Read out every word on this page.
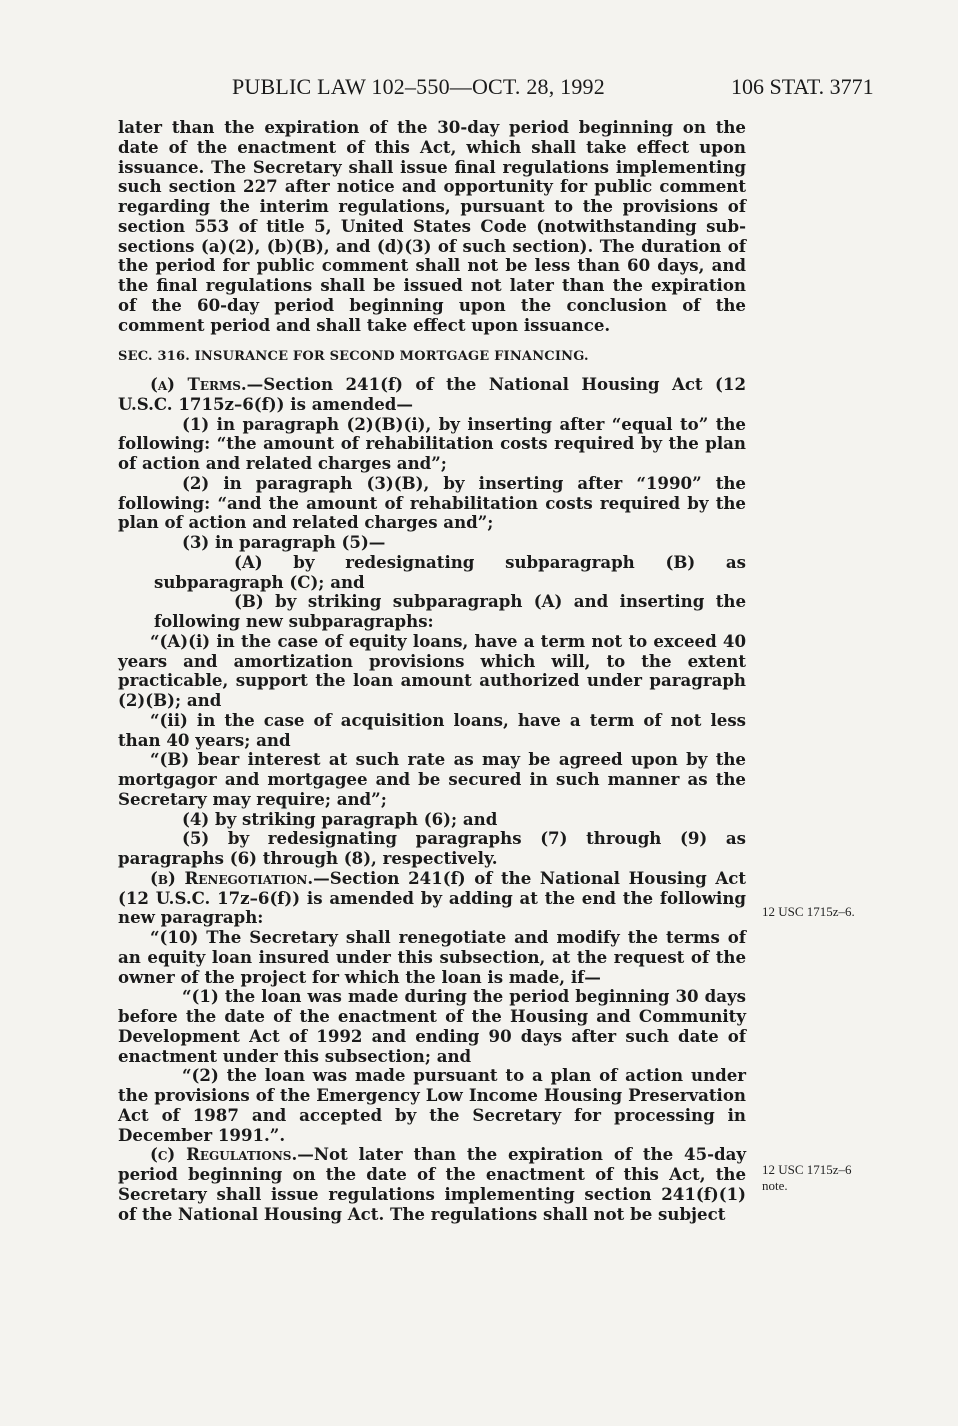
PUBLIC LAW 102–550—OCT. 28, 1992	106 STAT. 3771

later than the expiration of the 30-day period beginning on the date of the enactment of this Act, which shall take effect upon issuance. The Secretary shall issue final regulations implementing such section 227 after notice and opportunity for public comment regarding the interim regulations, pursuant to the provisions of section 553 of title 5, United States Code (notwithstanding sub-sections (a)(2), (b)(B), and (d)(3) of such section). The duration of the period for public comment shall not be less than 60 days, and the final regulations shall be issued not later than the expiration of the 60-day period beginning upon the conclusion of the comment period and shall take effect upon issuance.

SEC. 316. INSURANCE FOR SECOND MORTGAGE FINANCING.

(a) Terms.—Section 241(f) of the National Housing Act (12 U.S.C. 1715z–6(f)) is amended—

(1) in paragraph (2)(B)(i), by inserting after “equal to” the following: “the amount of rehabilitation costs required by the plan of action and related charges and”;

(2) in paragraph (3)(B), by inserting after “1990” the following: “and the amount of rehabilitation costs required by the plan of action and related charges and”;

(3) in paragraph (5)—

(A) by redesignating subparagraph (B) as subparagraph (C); and

(B) by striking subparagraph (A) and inserting the following new subparagraphs:

“(A)(i) in the case of equity loans, have a term not to exceed 40 years and amortization provisions which will, to the extent practicable, support the loan amount authorized under paragraph (2)(B); and

“(ii) in the case of acquisition loans, have a term of not less than 40 years; and

“(B) bear interest at such rate as may be agreed upon by the mortgagor and mortgagee and be secured in such manner as the Secretary may require; and”;

(4) by striking paragraph (6); and

(5) by redesignating paragraphs (7) through (9) as paragraphs (6) through (8), respectively.

(b) Renegotiation.—Section 241(f) of the National Housing Act (12 U.S.C. 17z–6(f)) is amended by adding at the end the following new paragraph:

“(10) The Secretary shall renegotiate and modify the terms of an equity loan insured under this subsection, at the request of the owner of the project for which the loan is made, if—

“(1) the loan was made during the period beginning 30 days before the date of the enactment of the Housing and Community Development Act of 1992 and ending 90 days after such date of enactment under this subsection; and

“(2) the loan was made pursuant to a plan of action under the provisions of the Emergency Low Income Housing Preservation Act of 1987 and accepted by the Secretary for processing in December 1991.”.

(c) Regulations.—Not later than the expiration of the 45-day period beginning on the date of the enactment of this Act, the Secretary shall issue regulations implementing section 241(f)(1) of the National Housing Act. The regulations shall not be subject

12 USC 1715z–6.
12 USC 1715z–6
note.
